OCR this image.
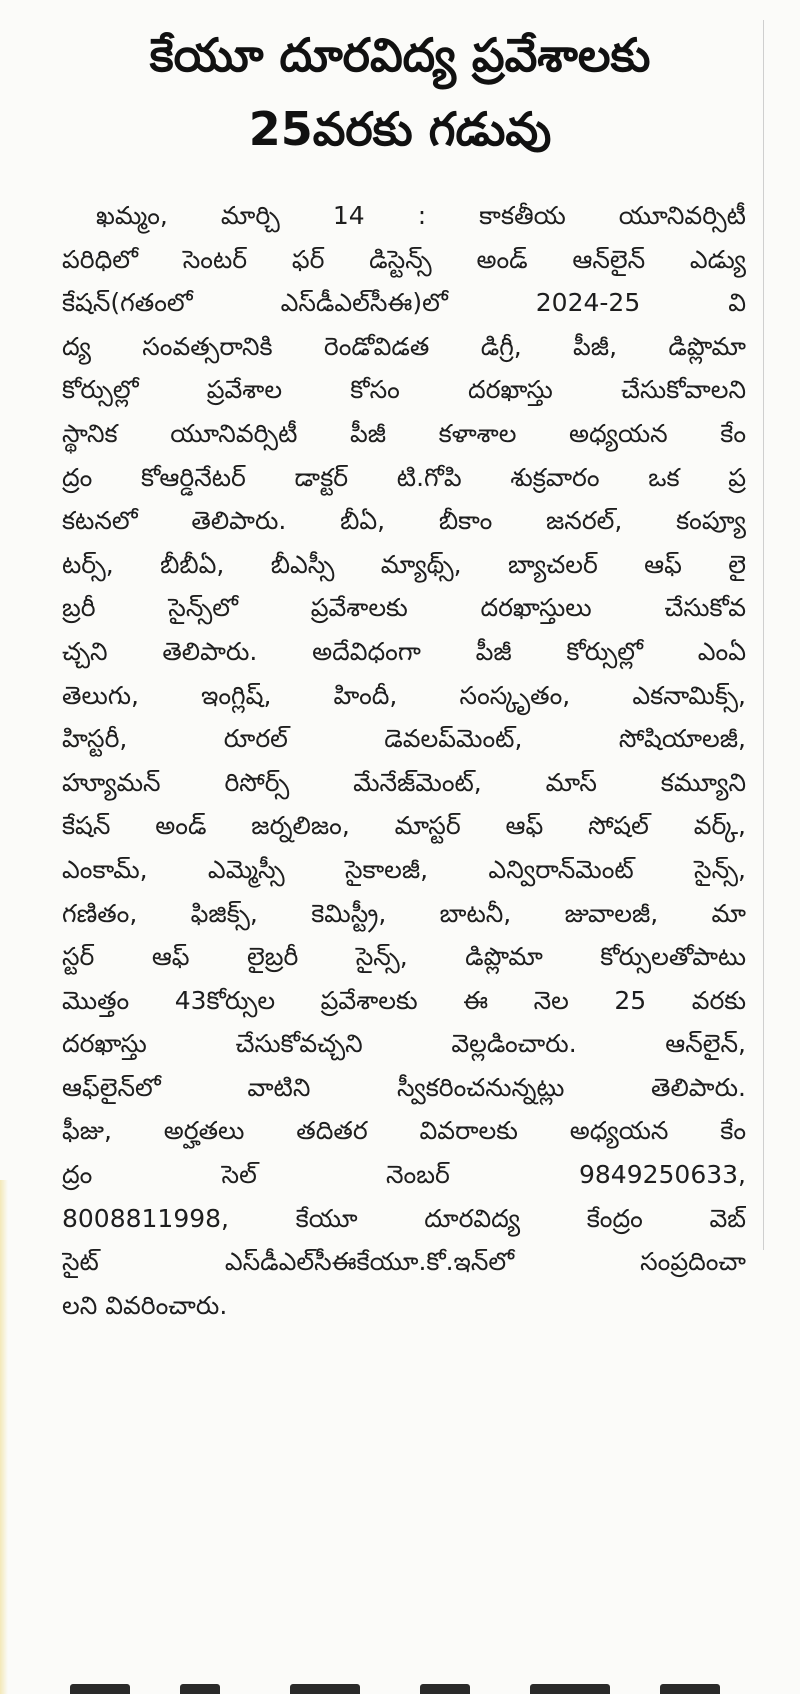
కేయూ దూరవిద్య ప్రవేశాలకు
25వరకు గడువు
ఖమ్మం, మార్చి 14 : కాకతీయ యూనివర్సిటీ
పరిధిలో సెంటర్ ఫర్ డిస్టెన్స్ అండ్ ఆన్‌లైన్ ఎడ్యు
కేషన్(గతంలో ఎస్‌డీఎల్‌సీఈ)లో 2024-25 వి
ద్య సంవత్సరానికి రెండోవిడత డిగ్రీ, పీజీ, డిప్లొమా
కోర్సుల్లో ప్రవేశాల కోసం దరఖాస్తు చేసుకోవాలని
స్థానిక యూనివర్సిటీ పీజీ కళాశాల అధ్యయన కేం
ద్రం కోఆర్డినేటర్ డాక్టర్ టి.గోపి శుక్రవారం ఒక ప్ర
కటనలో తెలిపారు. బీఏ, బీకాం జనరల్, కంప్యూ
టర్స్, బీబీఏ, బీఎస్సీ మ్యాథ్స్, బ్యాచలర్ ఆఫ్ లై
బ్రరీ సైన్స్‌లో ప్రవేశాలకు దరఖాస్తులు చేసుకోవ
చ్చని తెలిపారు. అదేవిధంగా పీజీ కోర్సుల్లో ఎంఏ
తెలుగు, ఇంగ్లిష్, హిందీ, సంస్కృతం, ఎకనామిక్స్,
హిస్టరీ, రూరల్ డెవలప్‌మెంట్, సోషియాలజీ,
హ్యూమన్ రిసోర్స్ మేనేజ్‌మెంట్, మాస్ కమ్యూని
కేషన్ అండ్ జర్నలిజం, మాస్టర్ ఆఫ్ సోషల్ వర్క్,
ఎంకామ్, ఎమ్మెస్సీ సైకాలజీ, ఎన్విరాన్‌మెంట్ సైన్స్,
గణితం, ఫిజిక్స్, కెమిస్ట్రీ, బాటనీ, జువాలజీ, మా
స్టర్ ఆఫ్ లైబ్రరీ సైన్స్, డిప్లొమా కోర్సులతోపాటు
మొత్తం 43కోర్సుల ప్రవేశాలకు ఈ నెల 25 వరకు
దరఖాస్తు చేసుకోవచ్చని వెల్లడించారు. ఆన్‌లైన్,
ఆఫ్‌లైన్‌లో వాటిని స్వీకరించనున్నట్లు తెలిపారు.
ఫీజు, అర్హతలు తదితర వివరాలకు అధ్యయన కేం
ద్రం సెల్ నెంబర్ 9849250633,
8008811998, కేయూ దూరవిద్య కేంద్రం వెబ్
సైట్ ఎస్‌డీఎల్‌సీఈకేయూ.కో.ఇన్‌లో సంప్రదించా
లని వివరించారు.
